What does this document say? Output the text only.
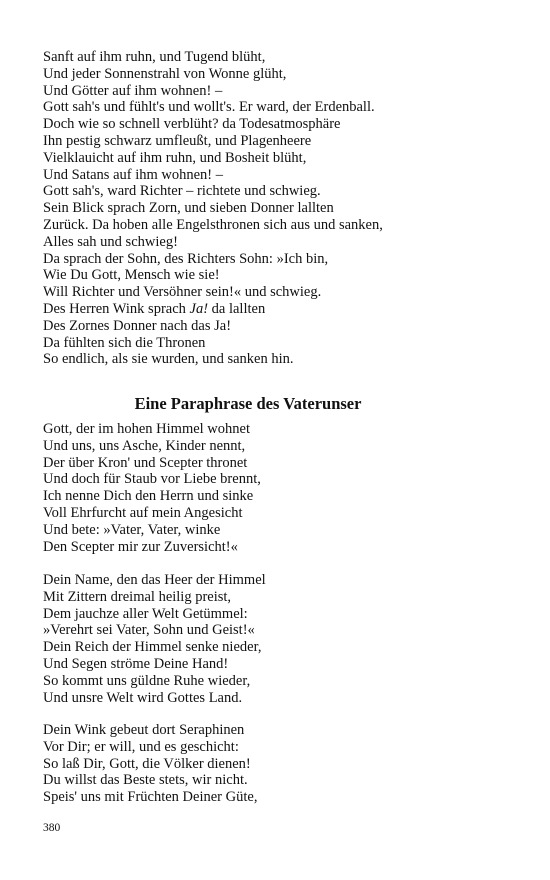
Sanft auf ihm ruhn, und Tugend blüht,
Und jeder Sonnenstrahl von Wonne glüht,
Und Götter auf ihm wohnen! –
Gott sah's und fühlt's und wollt's. Er ward, der Erdenball.
Doch wie so schnell verblüht? da Todesatmosphäre
Ihn pestig schwarz umfleußt, und Plagenheere
Vielklauicht auf ihm ruhn, und Bosheit blüht,
Und Satans auf ihm wohnen! –
Gott sah's, ward Richter – richtete und schwieg.
Sein Blick sprach Zorn, und sieben Donner lallten
Zurück. Da hoben alle Engelsthronen sich aus und sanken,
Alles sah und schwieg!
Da sprach der Sohn, des Richters Sohn: »Ich bin,
Wie Du Gott, Mensch wie sie!
Will Richter und Versöhner sein!« und schwieg.
Des Herren Wink sprach Ja! da lallten
Des Zornes Donner nach das Ja!
Da fühlten sich die Thronen
So endlich, als sie wurden, und sanken hin.
Eine Paraphrase des Vaterunser
Gott, der im hohen Himmel wohnet
Und uns, uns Asche, Kinder nennt,
Der über Kron' und Scepter thronet
Und doch für Staub vor Liebe brennt,
Ich nenne Dich den Herrn und sinke
Voll Ehrfurcht auf mein Angesicht
Und bete: »Vater, Vater, winke
Den Scepter mir zur Zuversicht!«
Dein Name, den das Heer der Himmel
Mit Zittern dreimal heilig preist,
Dem jauchze aller Welt Getümmel:
»Verehrt sei Vater, Sohn und Geist!«
Dein Reich der Himmel senke nieder,
Und Segen ströme Deine Hand!
So kommt uns güldne Ruhe wieder,
Und unsre Welt wird Gottes Land.
Dein Wink gebeut dort Seraphinen
Vor Dir; er will, und es geschicht:
So laß Dir, Gott, die Völker dienen!
Du willst das Beste stets, wir nicht.
Speis' uns mit Früchten Deiner Güte,
380
